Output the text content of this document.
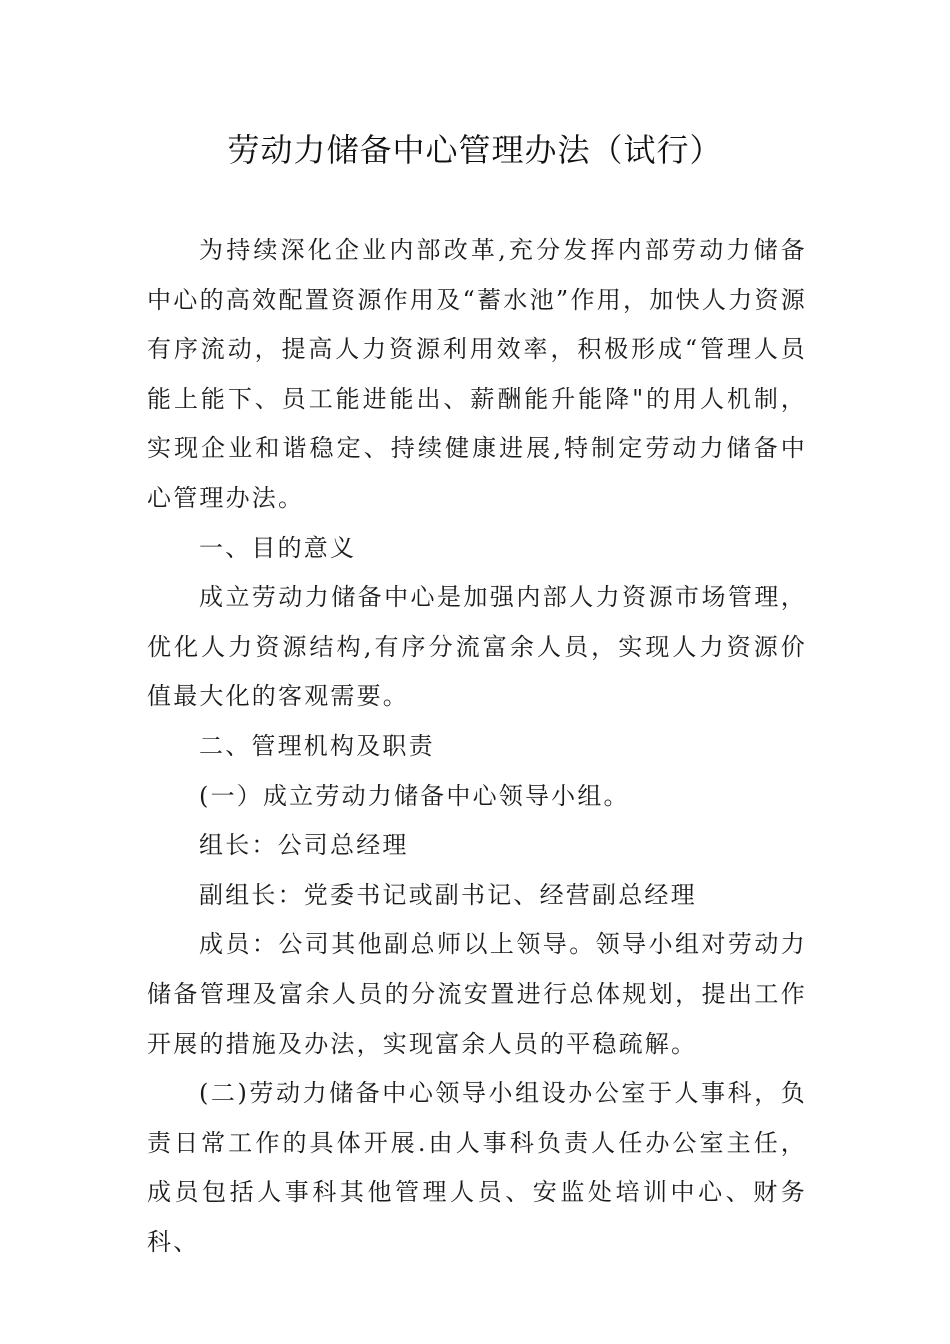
劳动力储备中心管理办法（试行）

为持续深化企业内部改革,充分发挥内部劳动力储备中心的高效配置资源作用及“蓄水池”作用，加快人力资源有序流动，提高人力资源利用效率，积极形成“管理人员能上能下、员工能进能出、薪酬能升能降"的用人机制，实现企业和谐稳定、持续健康进展,特制定劳动力储备中心管理办法。

一、目的意义

成立劳动力储备中心是加强内部人力资源市场管理，优化人力资源结构,有序分流富余人员，实现人力资源价值最大化的客观需要。

二、管理机构及职责

(一）成立劳动力储备中心领导小组。

组长：公司总经理

副组长：党委书记或副书记、经营副总经理

成员：公司其他副总师以上领导。领导小组对劳动力储备管理及富余人员的分流安置进行总体规划，提出工作开展的措施及办法，实现富余人员的平稳疏解。

(二)劳动力储备中心领导小组设办公室于人事科，负责日常工作的具体开展.由人事科负责人任办公室主任，成员包括人事科其他管理人员、安监处培训中心、财务科、
